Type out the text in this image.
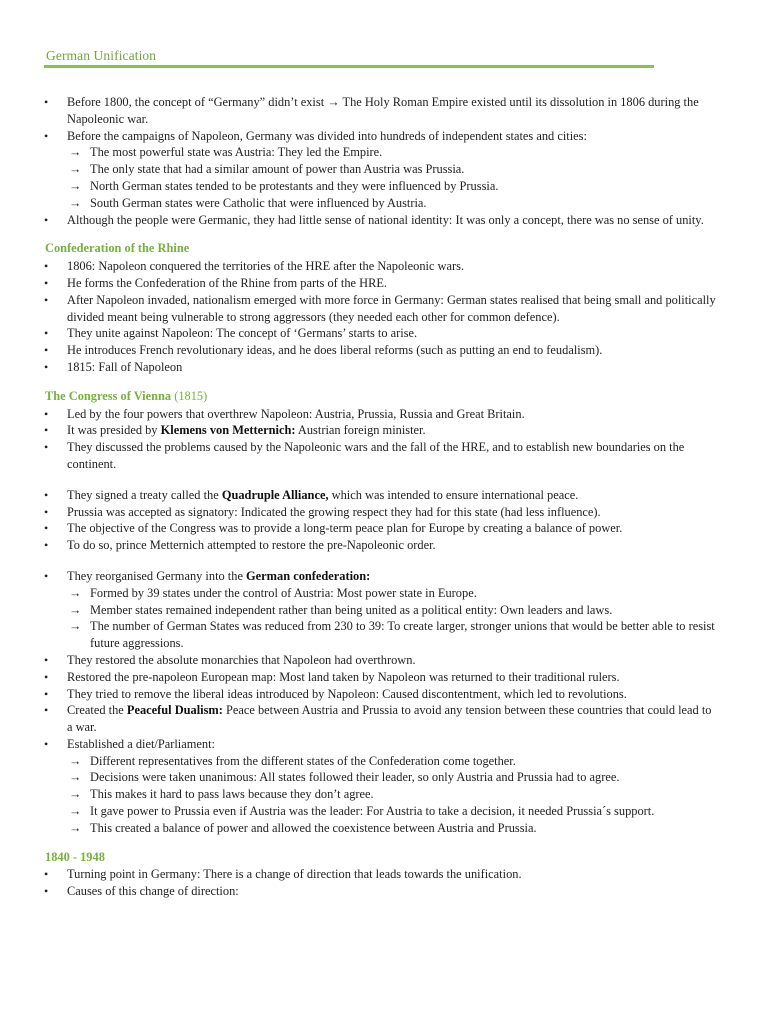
German Unification
• Before 1800, the concept of “Germany” didn’t exist → The Holy Roman Empire existed until its dissolution in 1806 during the Napoleonic war.
• Before the campaigns of Napoleon, Germany was divided into hundreds of independent states and cities:
→ The most powerful state was Austria: They led the Empire.
→ The only state that had a similar amount of power than Austria was Prussia.
→ North German states tended to be protestants and they were influenced by Prussia.
→ South German states were Catholic that were influenced by Austria.
• Although the people were Germanic, they had little sense of national identity: It was only a concept, there was no sense of unity.
Confederation of the Rhine
• 1806: Napoleon conquered the territories of the HRE after the Napoleonic wars.
• He forms the Confederation of the Rhine from parts of the HRE.
• After Napoleon invaded, nationalism emerged with more force in Germany: German states realised that being small and politically divided meant being vulnerable to strong aggressors (they needed each other for common defence).
• They unite against Napoleon: The concept of ‘Germans’ starts to arise.
• He introduces French revolutionary ideas, and he does liberal reforms (such as putting an end to feudalism).
• 1815: Fall of Napoleon
The Congress of Vienna (1815)
• Led by the four powers that overthrew Napoleon: Austria, Prussia, Russia and Great Britain.
• It was presided by Klemens von Metternich: Austrian foreign minister.
• They discussed the problems caused by the Napoleonic wars and the fall of the HRE, and to establish new boundaries on the continent.
• They signed a treaty called the Quadruple Alliance, which was intended to ensure international peace.
• Prussia was accepted as signatory: Indicated the growing respect they had for this state (had less influence).
• The objective of the Congress was to provide a long-term peace plan for Europe by creating a balance of power.
• To do so, prince Metternich attempted to restore the pre-Napoleonic order.
• They reorganised Germany into the German confederation:
→ Formed by 39 states under the control of Austria: Most power state in Europe.
→ Member states remained independent rather than being united as a political entity: Own leaders and laws.
→ The number of German States was reduced from 230 to 39: To create larger, stronger unions that would be better able to resist future aggressions.
• They restored the absolute monarchies that Napoleon had overthrown.
• Restored the pre-napoleon European map: Most land taken by Napoleon was returned to their traditional rulers.
• They tried to remove the liberal ideas introduced by Napoleon: Caused discontentment, which led to revolutions.
• Created the Peaceful Dualism: Peace between Austria and Prussia to avoid any tension between these countries that could lead to a war.
• Established a diet/Parliament:
→ Different representatives from the different states of the Confederation come together.
→ Decisions were taken unanimous: All states followed their leader, so only Austria and Prussia had to agree.
→ This makes it hard to pass laws because they don’t agree.
→ It gave power to Prussia even if Austria was the leader: For Austria to take a decision, it needed Prussia´s support.
→ This created a balance of power and allowed the coexistence between Austria and Prussia.
1840 - 1948
• Turning point in Germany: There is a change of direction that leads towards the unification.
• Causes of this change of direction:
